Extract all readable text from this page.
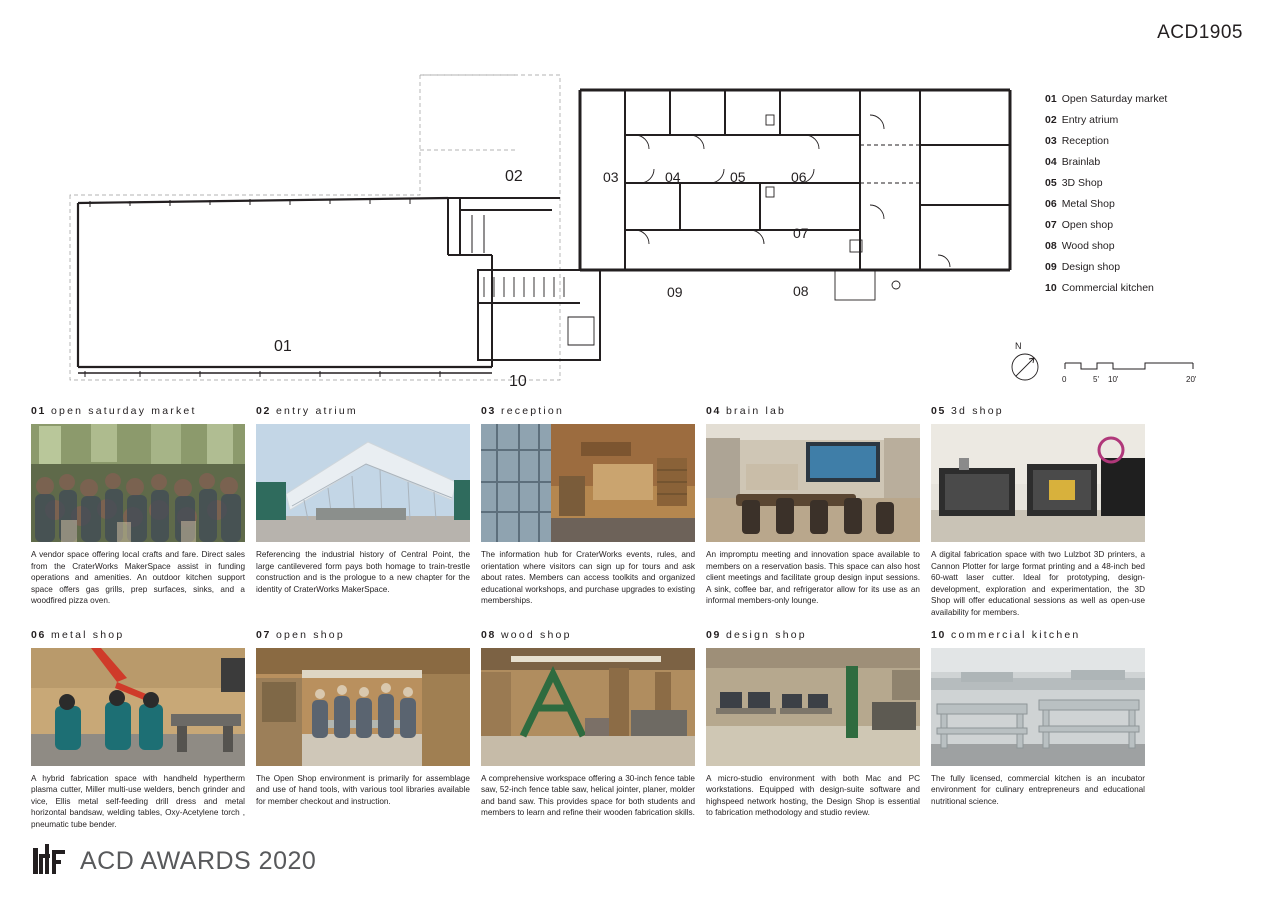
ACD1905
01
02	03	04	05	06
07
08
09
10
01 Open Saturday market
02 Entry atrium
03 Reception
04 Brainlab
05 3D Shop
06 Metal Shop
07 Open shop
08 Wood shop
09 Design shop
10 Commercial kitchen
N
0	5' 10'	20'
01 open saturday market
A vendor space offering local crafts and fare. Direct sales from the CraterWorks MakerSpace assist in funding operations and amenities. An outdoor kitchen support space offers gas grills, prep surfaces, sinks, and a woodfired pizza oven.
02 entry atrium
Referencing the industrial history of Central Point, the large cantilevered form pays both homage to train-trestle construction and is the prologue to a new chapter for the identity of CraterWorks MakerSpace.
03 reception
The information hub for CraterWorks events, rules, and orientation where visitors can sign up for tours and ask about rates. Members can access toolkits and organized educational workshops, and purchase upgrades to existing memberships.
04 brain lab
An impromptu meeting and innovation space available to members on a reservation basis. This space can also host client meetings and facilitate group design input sessions. A sink, coffee bar, and refrigerator allow for its use as an informal members-only lounge.
05 3d shop
A digital fabrication space with two Lulzbot 3D printers, a Cannon Plotter for large format printing and a 48-inch bed 60-watt laser cutter. Ideal for prototyping, design-development, exploration and experimentation, the 3D Shop will offer educational sessions as well as open-use availability for members.
06 metal shop
A hybrid fabrication space with handheld hypertherm plasma cutter, Miller multi-use welders, bench grinder and vice, Ellis metal self-feeding drill dress and metal horizontal bandsaw, welding tables, Oxy-Acetylene torch , pneumatic tube bender.
07 open shop
The Open Shop environment is primarily for assemblage and use of hand tools, with various tool libraries available for member checkout and instruction.
08 wood shop
A comprehensive workspace offering a 30-inch fence table saw, 52-inch fence table saw, helical jointer, planer, molder and band saw. This provides space for both students and members to learn and refine their wooden fabrication skills.
09 design shop
A micro-studio environment with both Mac and PC workstations. Equipped with design-suite software and highspeed network hosting, the Design Shop is essential to fabrication methodology and studio review.
10 commercial kitchen
The fully licensed, commercial kitchen is an incubator environment for culinary entrepreneurs and educational nutritional science.
ACD AWARDS 2020
